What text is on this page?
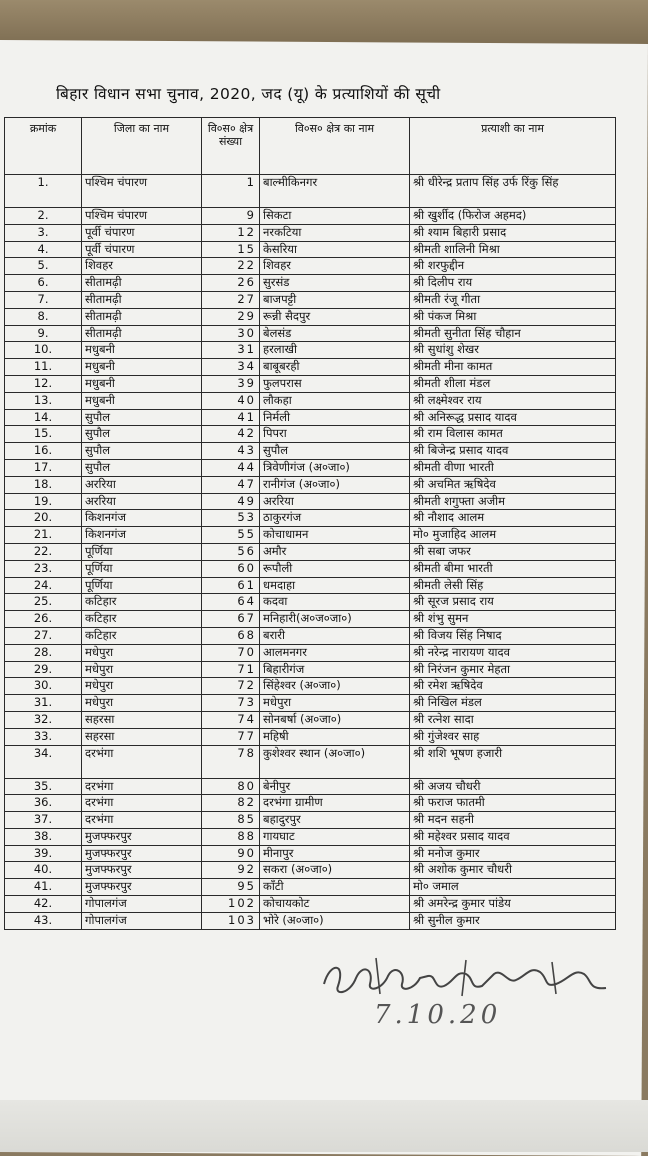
बिहार विधान सभा चुनाव, 2020, जद (यू) के प्रत्याशियों की सूची
क्रमांक	जिला का नाम	वि०स० क्षेत्र संख्या	वि०स० क्षेत्र का नाम	प्रत्याशी का नाम
1.	पश्चिम चंपारण	1	बाल्मीकिनगर	श्री धीरेन्द्र प्रताप सिंह उर्फ रिंकु सिंह
2.	पश्चिम चंपारण	9	सिकटा	श्री खुर्शीद (फिरोज अहमद)
3.	पूर्वी चंपारण	12	नरकटिया	श्री श्याम बिहारी प्रसाद
4.	पूर्वी चंपारण	15	केसरिया	श्रीमती शालिनी मिश्रा
5.	शिवहर	22	शिवहर	श्री शरफुद्दीन
6.	सीतामढ़ी	26	सुरसंड	श्री दिलीप राय
7.	सीतामढ़ी	27	बाजपट्टी	श्रीमती रंजू गीता
8.	सीतामढ़ी	29	रून्नी सैदपुर	श्री पंकज मिश्रा
9.	सीतामढ़ी	30	बेलसंड	श्रीमती सुनीता सिंह चौहान
10.	मधुबनी	31	हरलाखी	श्री सुधांशु शेखर
11.	मधुबनी	34	बाबूबरही	श्रीमती मीना कामत
12.	मधुबनी	39	फुलपरास	श्रीमती शीला मंडल
13.	मधुबनी	40	लौकहा	श्री लक्ष्मेश्वर राय
14.	सुपौल	41	निर्मली	श्री अनिरूद्ध प्रसाद यादव
15.	सुपौल	42	पिपरा	श्री राम विलास कामत
16.	सुपौल	43	सुपौल	श्री बिजेन्द्र प्रसाद यादव
17.	सुपौल	44	त्रिवेणीगंज (अ०जा०)	श्रीमती वीणा भारती
18.	अररिया	47	रानीगंज (अ०जा०)	श्री अचमित ऋषिदेव
19.	अररिया	49	अररिया	श्रीमती शगुफ्ता अजीम
20.	किशनगंज	53	ठाकुरगंज	श्री नौशाद आलम
21.	किशनगंज	55	कोचाधामन	मो० मुजाहिद आलम
22.	पूर्णिया	56	अमौर	श्री सबा जफर
23.	पूर्णिया	60	रूपौली	श्रीमती बीमा भारती
24.	पूर्णिया	61	धमदाहा	श्रीमती लेसी सिंह
25.	कटिहार	64	कदवा	श्री सूरज प्रसाद राय
26.	कटिहार	67	मनिहारी(अ०ज०जा०)	श्री शंभु सुमन
27.	कटिहार	68	बरारी	श्री विजय सिंह निषाद
28.	मधेपुरा	70	आलमनगर	श्री नरेन्द्र नारायण यादव
29.	मधेपुरा	71	बिहारीगंज	श्री निरंजन कुमार मेहता
30.	मधेपुरा	72	सिंहेश्वर (अ०जा०)	श्री रमेश ऋषिदेव
31.	मधेपुरा	73	मधेपुरा	श्री निखिल मंडल
32.	सहरसा	74	सोनबर्षा (अ०जा०)	श्री रत्नेश सादा
33.	सहरसा	77	महिषी	श्री गुंजेश्वर साह
34.	दरभंगा	78	कुशेश्वर स्थान (अ०जा०)	श्री शशि भूषण हजारी
35.	दरभंगा	80	बेनीपुर	श्री अजय चौधरी
36.	दरभंगा	82	दरभंगा ग्रामीण	श्री फराज फातमी
37.	दरभंगा	85	बहादुरपुर	श्री मदन सहनी
38.	मुजफ्फरपुर	88	गायघाट	श्री महेश्वर प्रसाद यादव
39.	मुजफ्फरपुर	90	मीनापुर	श्री मनोज कुमार
40.	मुजफ्फरपुर	92	सकरा (अ०जा०)	श्री अशोक कुमार चौधरी
41.	मुजफ्फरपुर	95	काँटी	मो० जमाल
42.	गोपालगंज	102	कोचायकोट	श्री अमरेन्द्र कुमार पांडेय
43.	गोपालगंज	103	भोरे (अ०जा०)	श्री सुनील कुमार
7.10.20
